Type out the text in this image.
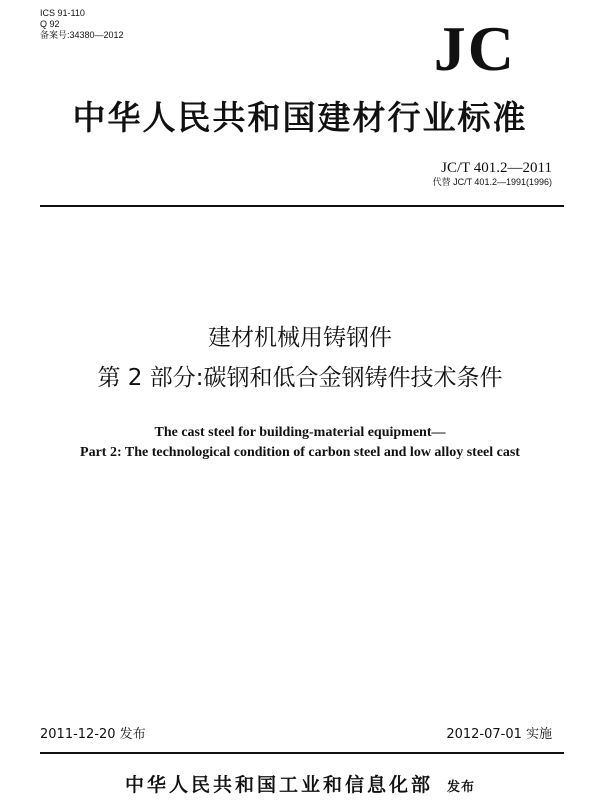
ICS 91-110
Q 92
备案号:34380—2012	JC
中华人民共和国建材行业标准
JC/T 401.2—2011
代替 JC/T 401.2—1991(1996)
建材机械用铸钢件
第 2 部分:碳钢和低合金钢铸件技术条件
The cast steel for building-material equipment—
Part 2: The technological condition of carbon steel and low alloy steel cast
2011-12-20 发布	2012-07-01 实施
中华人民共和国工业和信息化部 发布
